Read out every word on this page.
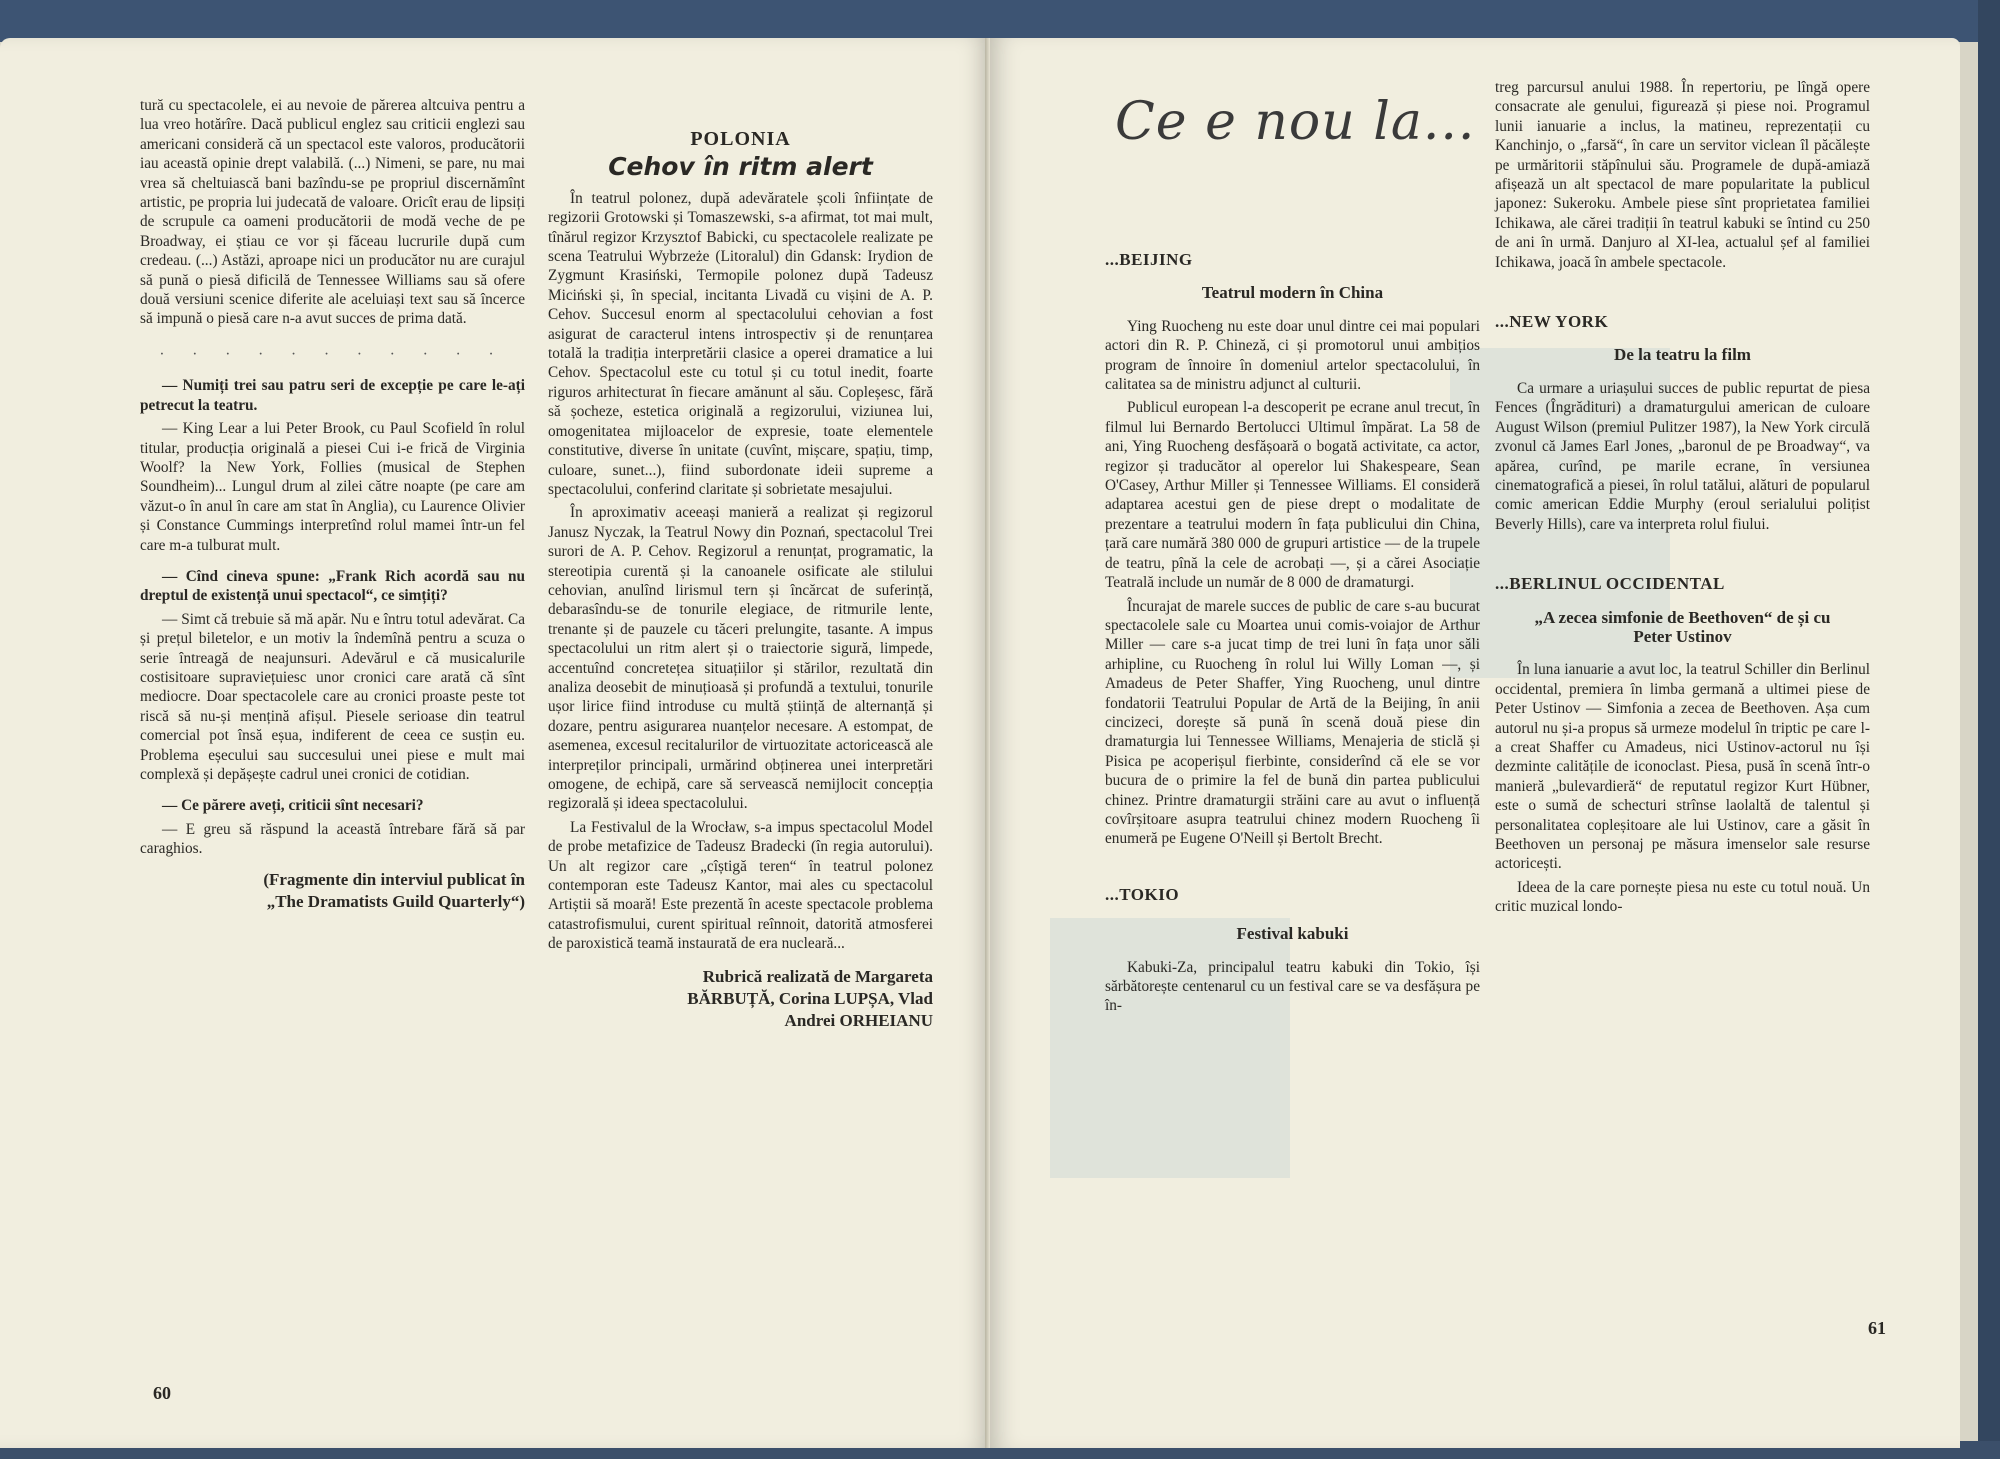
tură cu spectacolele, ei au nevoie de părerea altcuiva pentru a lua vreo hotărîre. Dacă publicul englez sau criticii englezi sau americani consideră că un spectacol este valoros, producătorii iau această opinie drept valabilă. (...) Nimeni, se pare, nu mai vrea să cheltuiască bani bazîndu-se pe propriul discernămînt artistic, pe propria lui judecată de valoare. Oricît erau de lipsiți de scrupule ca oameni producătorii de modă veche de pe Broadway, ei știau ce vor și făceau lucrurile după cum credeau. (...) Astăzi, aproape nici un producător nu are curajul să pună o piesă dificilă de Tennessee Williams sau să ofere două versiuni scenice diferite ale aceluiași text sau să încerce să impună o piesă care n-a avut succes de prima dată.

· · · · · · · · · · ·

— Numiți trei sau patru seri de excepție pe care le-ați petrecut la teatru.

— King Lear a lui Peter Brook, cu Paul Scofield în rolul titular, producția originală a piesei Cui i-e frică de Virginia Woolf? la New York, Follies (musical de Stephen Soundheim)... Lungul drum al zilei către noapte (pe care am văzut-o în anul în care am stat în Anglia), cu Laurence Olivier și Constance Cummings interpretînd rolul mamei într-un fel care m-a tulburat mult.

— Cînd cineva spune: „Frank Rich acordă sau nu dreptul de existență unui spectacol“, ce simțiți?

— Simt că trebuie să mă apăr. Nu e întru totul adevărat. Ca și prețul biletelor, e un motiv la îndemînă pentru a scuza o serie întreagă de neajunsuri. Adevărul e că musicalurile costisitoare supraviețuiesc unor cronici care arată că sînt mediocre. Doar spectacolele care au cronici proaste peste tot riscă să nu-și mențină afișul. Piesele serioase din teatrul comercial pot însă eșua, indiferent de ceea ce susțin eu. Problema eșecului sau succesului unei piese e mult mai complexă și depășește cadrul unei cronici de cotidian.

— Ce părere aveți, criticii sînt necesari?

— E greu să răspund la această întrebare fără să par caraghios.

(Fragmente din interviul publicat în „The Dramatists Guild Quarterly“)
POLONIA
Cehov în ritm alert

În teatrul polonez, după adevăratele școli înființate de regizorii Grotowski și Tomaszewski, s-a afirmat, tot mai mult, tînărul regizor Krzysztof Babicki, cu spectacolele realizate pe scena Teatrului Wybrzeże (Litoralul) din Gdansk: Irydion de Zygmunt Krasiński, Termopile polonez după Tadeusz Miciński și, în special, incitanta Livadă cu vișini de A. P. Cehov. Succesul enorm al spectacolului cehovian a fost asigurat de caracterul intens introspectiv și de renunțarea totală la tradiția interpretării clasice a operei dramatice a lui Cehov. Spectacolul este cu totul și cu totul inedit, foarte riguros arhitecturat în fiecare amănunt al său. Copleșesc, fără să șocheze, estetica originală a regizorului, viziunea lui, omogenitatea mijloacelor de expresie, toate elementele constitutive, diverse în unitate (cuvînt, mișcare, spațiu, timp, culoare, sunet...), fiind subordonate ideii supreme a spectacolului, conferind claritate și sobrietate mesajului.

În aproximativ aceeași manieră a realizat și regizorul Janusz Nyczak, la Teatrul Nowy din Poznań, spectacolul Trei surori de A. P. Cehov. Regizorul a renunțat, programatic, la stereotipia curentă și la canoanele osificate ale stilului cehovian, anulînd lirismul tern și încărcat de suferință, debarasîndu-se de tonurile elegiace, de ritmurile lente, trenante și de pauzele cu tăceri prelungite, tasante. A impus spectacolului un ritm alert și o traiectorie sigură, limpede, accentuînd concretețea situațiilor și stărilor, rezultată din analiza deosebit de minuțioasă și profundă a textului, tonurile ușor lirice fiind introduse cu multă știință de alternanță și dozare, pentru asigurarea nuanțelor necesare. A estompat, de asemenea, excesul recitalurilor de virtuozitate actoricească ale interpreților principali, urmărind obținerea unei interpretări omogene, de echipă, care să servească nemijlocit concepția regizorală și ideea spectacolului.

La Festivalul de la Wrocław, s-a impus spectacolul Model de probe metafizice de Tadeusz Bradecki (în regia autorului). Un alt regizor care „cîștigă teren“ în teatrul polonez contemporan este Tadeusz Kantor, mai ales cu spectacolul Artiștii să moară! Este prezentă în aceste spectacole problema catastrofismului, curent spiritual reînnoit, datorită atmosferei de paroxistică teamă instaurată de era nucleară...

Rubrică realizată de Margareta BĂRBUȚĂ, Corina LUPȘA, Vlad Andrei ORHEIANU
60
Ce e nou la...
...BEIJING
Teatrul modern în China

Ying Ruocheng nu este doar unul dintre cei mai populari actori din R. P. Chineză, ci și promotorul unui ambițios program de înnoire în domeniul artelor spectacolului, în calitatea sa de ministru adjunct al culturii.

Publicul european l-a descoperit pe ecrane anul trecut, în filmul lui Bernardo Bertolucci Ultimul împărat. La 58 de ani, Ying Ruocheng desfășoară o bogată activitate, ca actor, regizor și traducător al operelor lui Shakespeare, Sean O'Casey, Arthur Miller și Tennessee Williams. El consideră adaptarea acestui gen de piese drept o modalitate de prezentare a teatrului modern în fața publicului din China, țară care numără 380 000 de grupuri artistice — de la trupele de teatru, pînă la cele de acrobați —, și a cărei Asociație Teatrală include un număr de 8 000 de dramaturgi.

Încurajat de marele succes de public de care s-au bucurat spectacolele sale cu Moartea unui comis-voiajor de Arthur Miller — care s-a jucat timp de trei luni în fața unor săli arhipline, cu Ruocheng în rolul lui Willy Loman —, și Amadeus de Peter Shaffer, Ying Ruocheng, unul dintre fondatorii Teatrului Popular de Artă de la Beijing, în anii cincizeci, dorește să pună în scenă două piese din dramaturgia lui Tennessee Williams, Menajeria de sticlă și Pisica pe acoperișul fierbinte, considerînd că ele se vor bucura de o primire la fel de bună din partea publicului chinez. Printre dramaturgii străini care au avut o influență covîrșitoare asupra teatrului chinez modern Ruocheng îi enumeră pe Eugene O'Neill și Bertolt Brecht.

...TOKIO
Festival kabuki

Kabuki-Za, principalul teatru kabuki din Tokio, își sărbătorește centenarul cu un festival care se va desfășura pe în-

treg parcursul anului 1988. În repertoriu, pe lîngă opere consacrate ale genului, figurează și piese noi. Programul lunii ianuarie a inclus, la matineu, reprezentații cu Kanchinjo, o „farsă“, în care un servitor viclean îl păcălește pe urmăritorii stăpînului său. Programele de după-amiază afișează un alt spectacol de mare popularitate la publicul japonez: Sukeroku. Ambele piese sînt proprietatea familiei Ichikawa, ale cărei tradiții în teatrul kabuki se întind cu 250 de ani în urmă. Danjuro al XI-lea, actualul șef al familiei Ichikawa, joacă în ambele spectacole.

...NEW YORK
De la teatru la film

Ca urmare a uriașului succes de public repurtat de piesa Fences (Îngrădituri) a dramaturgului american de culoare August Wilson (premiul Pulitzer 1987), la New York circulă zvonul că James Earl Jones, „baronul de pe Broadway“, va apărea, curînd, pe marile ecrane, în versiunea cinematografică a piesei, în rolul tatălui, alături de popularul comic american Eddie Murphy (eroul serialului polițist Beverly Hills), care va interpreta rolul fiului.

...BERLINUL OCCIDENTAL
„A zecea simfonie de Beethoven“ de și cu Peter Ustinov

În luna ianuarie a avut loc, la teatrul Schiller din Berlinul occidental, premiera în limba germană a ultimei piese de Peter Ustinov — Simfonia a zecea de Beethoven. Așa cum autorul nu și-a propus să urmeze modelul în triptic pe care l-a creat Shaffer cu Amadeus, nici Ustinov-actorul nu își dezminte calitățile de iconoclast. Piesa, pusă în scenă într-o manieră „bulevardieră“ de reputatul regizor Kurt Hübner, este o sumă de schecturi strînse laolaltă de talentul și personalitatea copleșitoare ale lui Ustinov, care a găsit în Beethoven un personaj pe măsura imenselor sale resurse actoricești.

Ideea de la care pornește piesa nu este cu totul nouă. Un critic muzical londo-

61
